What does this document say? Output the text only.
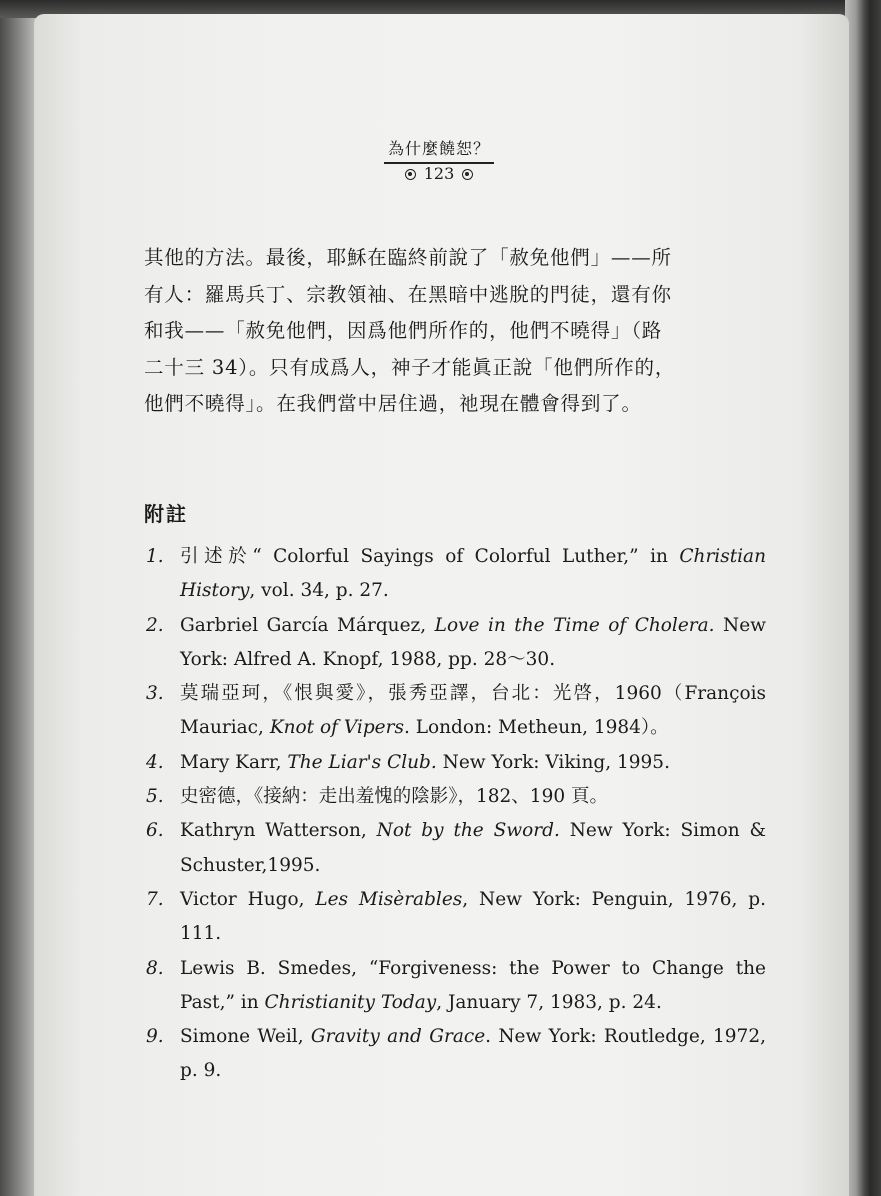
為什麼饒恕？
123

其他的方法。最後，耶穌在臨終前說了「赦免他們」——所

有人：羅馬兵丁、宗教領袖、在黑暗中逃脫的門徒，還有你

和我——「赦免他們，因爲他們所作的，他們不曉得」（路

二十三 34）。只有成爲人，神子才能眞正說「他們所作的，

他們不曉得」。在我們當中居住過，祂現在體會得到了。

附註
1. 引述於“ Colorful Sayings of Colorful Luther,” in Christian History, vol. 34, p. 27.
2. Garbriel García Márquez, Love in the Time of Cholera. New York: Alfred A. Knopf, 1988, pp. 28～30.
3. 莫瑞亞珂，《恨與愛》，張秀亞譯，台北：光啓，1960（François Mauriac, Knot of Vipers. London: Metheun, 1984）。
4. Mary Karr, The Liar's Club. New York: Viking, 1995.
5. 史密德，《接納：走出羞愧的陰影》，182、190 頁。
6. Kathryn Watterson, Not by the Sword. New York: Simon & Schuster,1995.
7. Victor Hugo, Les Misèrables, New York: Penguin, 1976, p. 111.
8. Lewis B. Smedes, “Forgiveness: the Power to Change the Past,” in Christianity Today, January 7, 1983, p. 24.
9. Simone Weil, Gravity and Grace. New York: Routledge, 1972, p. 9.
